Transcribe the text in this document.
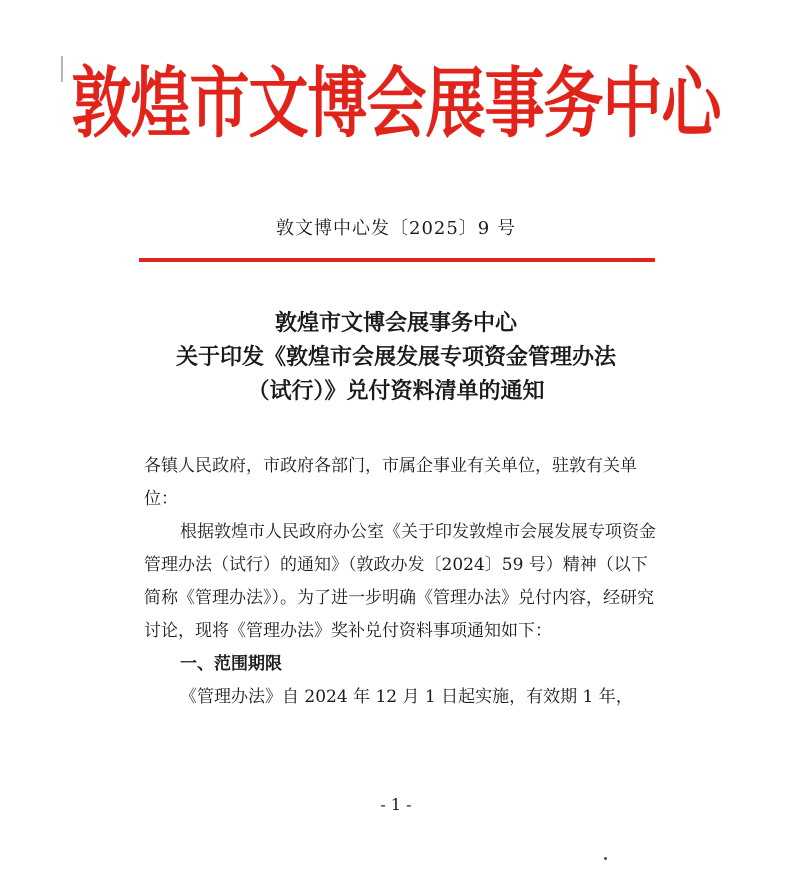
敦煌市文博会展事务中心
敦文博中心发〔2025〕9 号
敦煌市文博会展事务中心
关于印发《敦煌市会展发展专项资金管理办法
（试行）》兑付资料清单的通知

各镇人民政府，市政府各部门，市属企事业有关单位，驻敦有关单位：

根据敦煌市人民政府办公室《关于印发敦煌市会展发展专项资金管理办法（试行）的通知》（敦政办发〔2024〕59 号）精神（以下简称《管理办法》）。为了进一步明确《管理办法》兑付内容，经研究讨论，现将《管理办法》奖补兑付资料事项通知如下：

一、范围期限

《管理办法》自 2024 年 12 月 1 日起实施，有效期 1 年，

- 1 -
